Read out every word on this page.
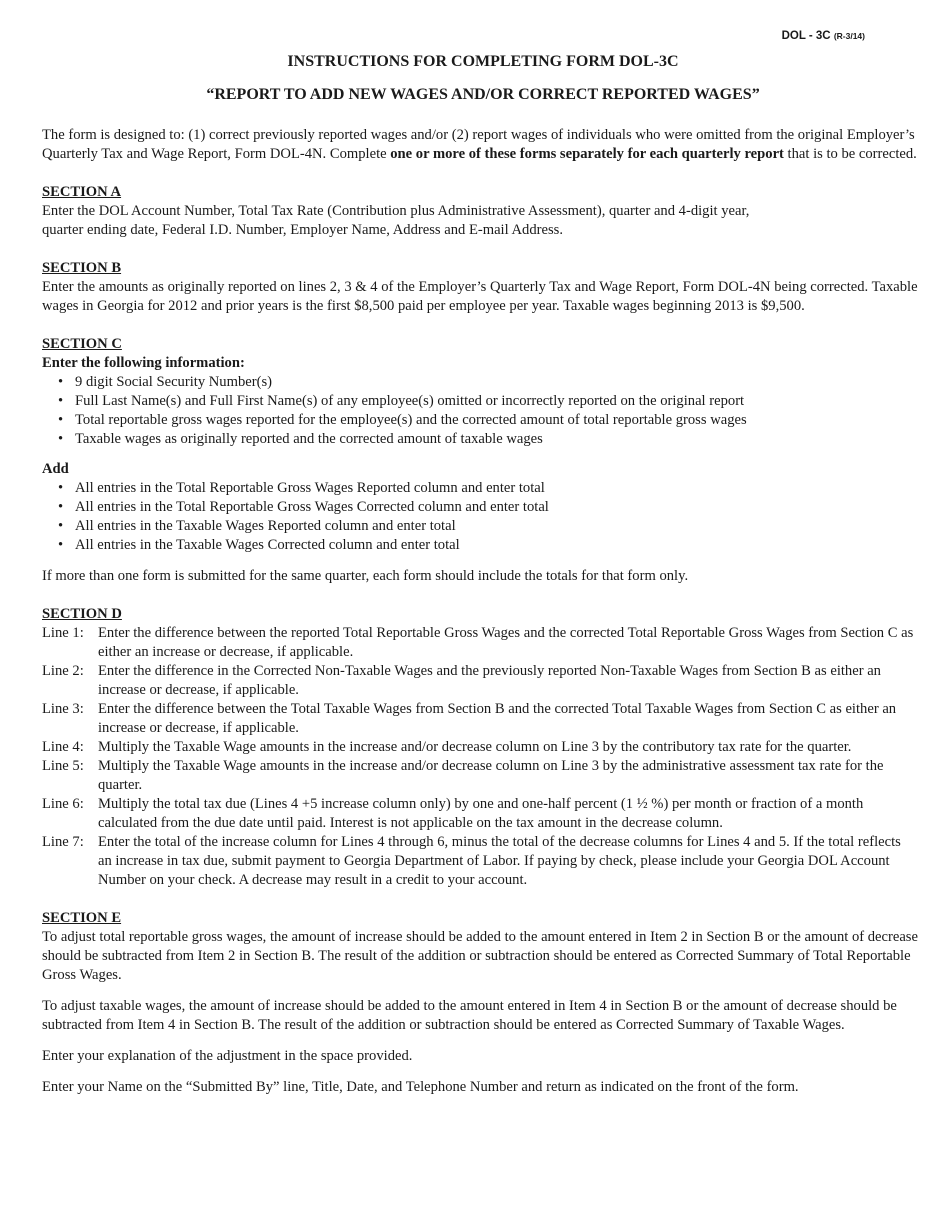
DOL - 3C (R-3/14)
INSTRUCTIONS FOR COMPLETING FORM DOL-3C
“REPORT TO ADD NEW WAGES AND/OR CORRECT REPORTED WAGES”

The form is designed to: (1) correct previously reported wages and/or (2) report wages of individuals who were omitted from the original Employer’s Quarterly Tax and Wage Report, Form DOL-4N. Complete one or more of these forms separately for each quarterly report that is to be corrected.

SECTION A

Enter the DOL Account Number, Total Tax Rate (Contribution plus Administrative Assessment), quarter and 4-digit year,

quarter ending date, Federal I.D. Number, Employer Name, Address and E-mail Address.

SECTION B

Enter the amounts as originally reported on lines 2, 3 & 4 of the Employer’s Quarterly Tax and Wage Report, Form DOL-4N being corrected. Taxable wages in Georgia for 2012 and prior years is the first $8,500 paid per employee per year. Taxable wages beginning 2013 is $9,500.

SECTION C
Enter the following information:
• 9 digit Social Security Number(s)
• Full Last Name(s) and Full First Name(s) of any employee(s) omitted or incorrectly reported on the original report
• Total reportable gross wages reported for the employee(s) and the corrected amount of total reportable gross wages
• Taxable wages as originally reported and the corrected amount of taxable wages
Add
• All entries in the Total Reportable Gross Wages Reported column and enter total
• All entries in the Total Reportable Gross Wages Corrected column and enter total
• All entries in the Taxable Wages Reported column and enter total
• All entries in the Taxable Wages Corrected column and enter total

If more than one form is submitted for the same quarter, each form should include the totals for that form only.

SECTION D
Line 1: Enter the difference between the reported Total Reportable Gross Wages and the corrected Total Reportable Gross Wages from Section C as either an increase or decrease, if applicable.
Line 2: Enter the difference in the Corrected Non-Taxable Wages and the previously reported Non-Taxable Wages from Section B as either an increase or decrease, if applicable.
Line 3: Enter the difference between the Total Taxable Wages from Section B and the corrected Total Taxable Wages from Section C as either an increase or decrease, if applicable.
Line 4: Multiply the Taxable Wage amounts in the increase and/or decrease column on Line 3 by the contributory tax rate for the quarter.
Line 5: Multiply the Taxable Wage amounts in the increase and/or decrease column on Line 3 by the administrative assessment tax rate for the quarter.
Line 6: Multiply the total tax due (Lines 4 +5 increase column only) by one and one-half percent (1 ½ %) per month or fraction of a month calculated from the due date until paid. Interest is not applicable on the tax amount in the decrease column.
Line 7: Enter the total of the increase column for Lines 4 through 6, minus the total of the decrease columns for Lines 4 and 5. If the total reflects an increase in tax due, submit payment to Georgia Department of Labor. If paying by check, please include your Georgia DOL Account Number on your check. A decrease may result in a credit to your account.
SECTION E

To adjust total reportable gross wages, the amount of increase should be added to the amount entered in Item 2 in Section B or the amount of decrease should be subtracted from Item 2 in Section B. The result of the addition or subtraction should be entered as Corrected Summary of Total Reportable Gross Wages.

To adjust taxable wages, the amount of increase should be added to the amount entered in Item 4 in Section B or the amount of decrease should be subtracted from Item 4 in Section B. The result of the addition or subtraction should be entered as Corrected Summary of Taxable Wages.

Enter your explanation of the adjustment in the space provided.

Enter your Name on the “Submitted By” line, Title, Date, and Telephone Number and return as indicated on the front of the form.
